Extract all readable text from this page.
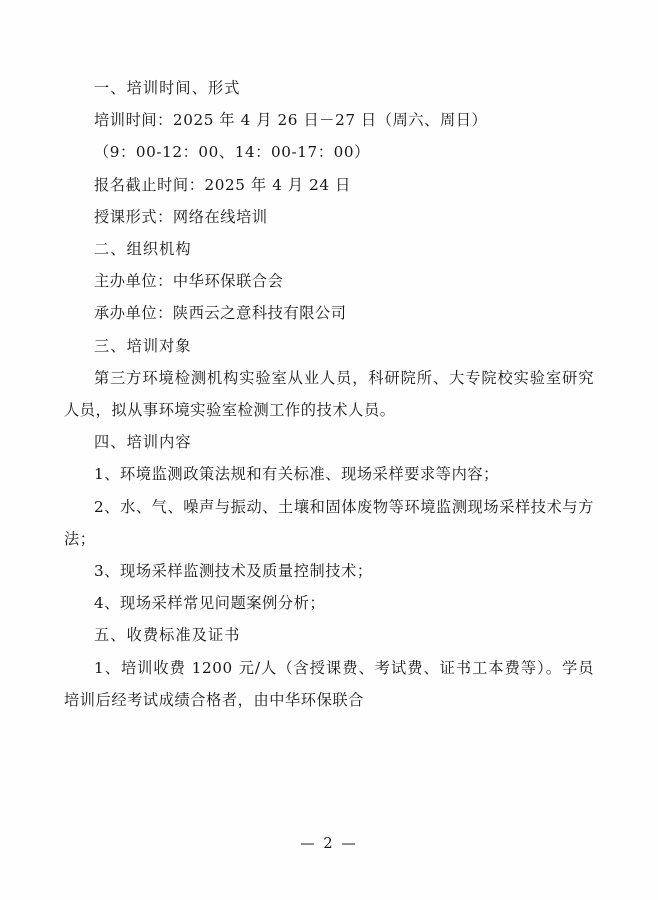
一、培训时间、形式

培训时间：2025 年 4 月 26 日－27 日（周六、周日）

（9：00-12：00、14：00-17：00）

报名截止时间：2025 年 4 月 24 日

授课形式：网络在线培训

二、组织机构

主办单位：中华环保联合会

承办单位：陕西云之意科技有限公司

三、培训对象

第三方环境检测机构实验室从业人员，科研院所、大专院校实验室研究人员，拟从事环境实验室检测工作的技术人员。

四、培训内容

1、环境监测政策法规和有关标准、现场采样要求等内容；

2、水、气、噪声与振动、土壤和固体废物等环境监测现场采样技术与方法；

3、现场采样监测技术及质量控制技术；

4、现场采样常见问题案例分析；

五、收费标准及证书

1、培训收费 1200 元/人（含授课费、考试费、证书工本费等）。学员培训后经考试成绩合格者，由中华环保联合

— 2 —
